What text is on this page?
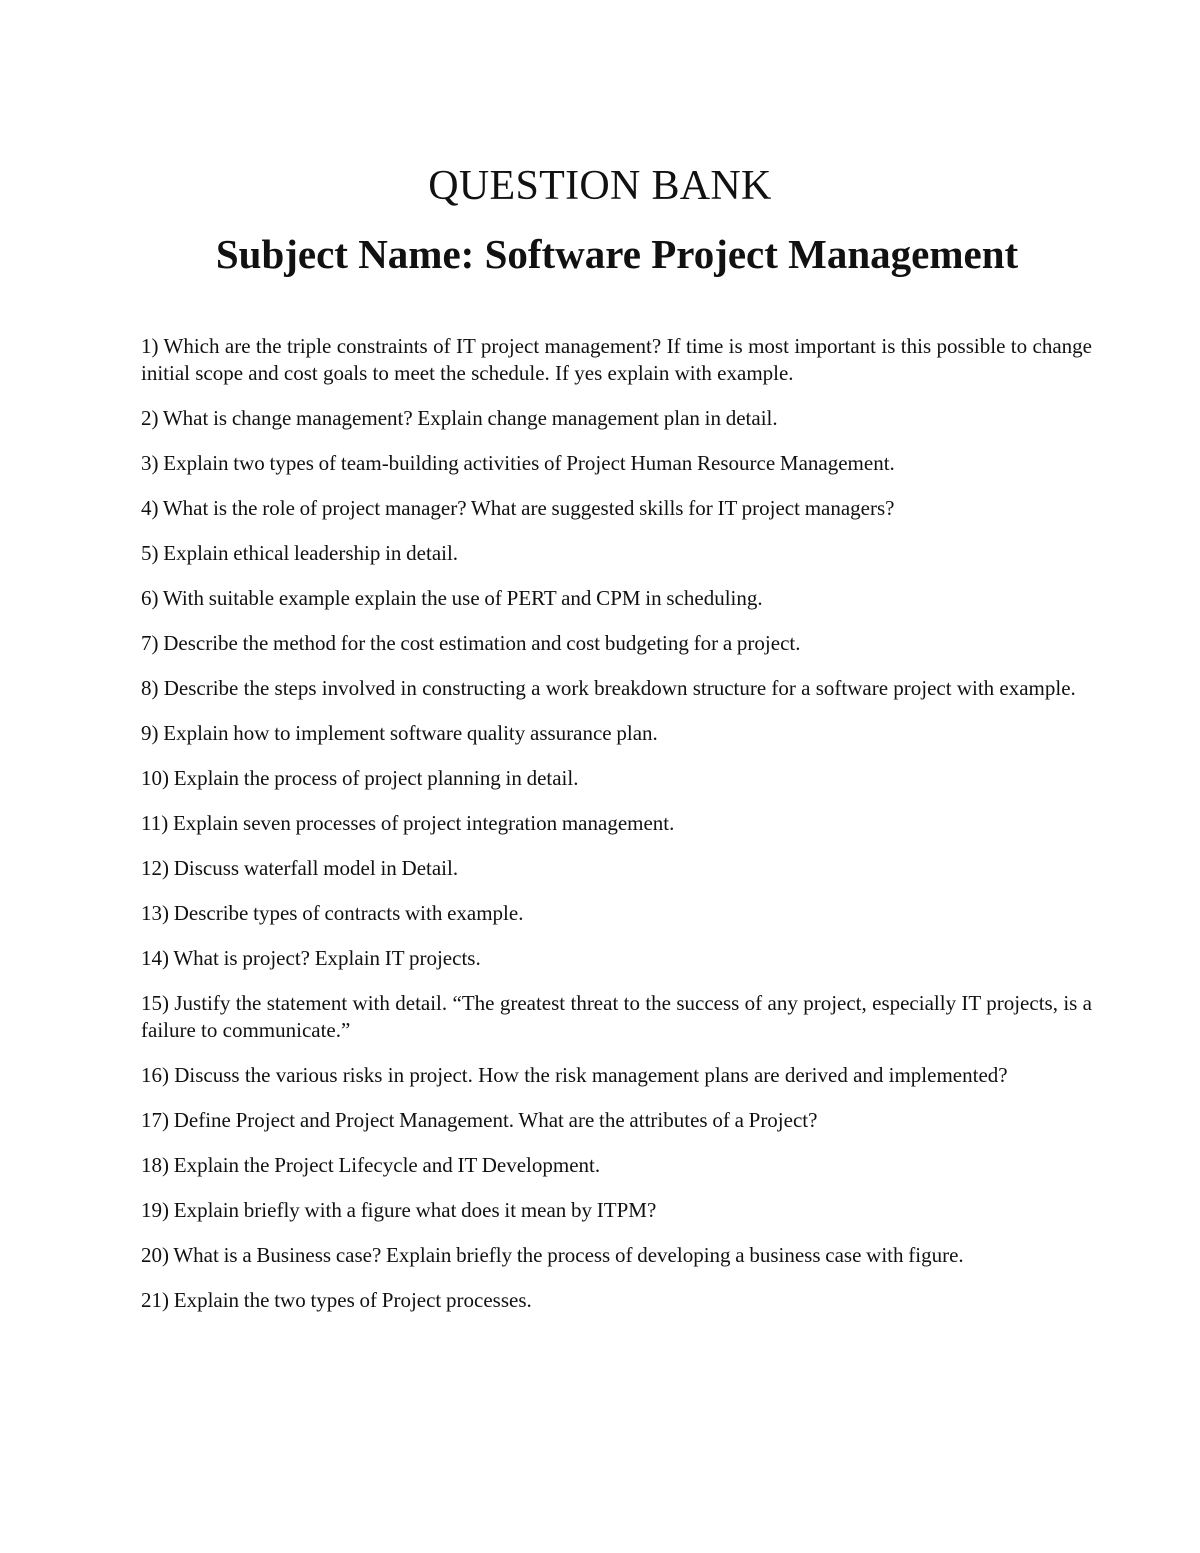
QUESTION BANK
Subject Name: Software Project Management
1) Which are the triple constraints of IT project management? If time is most important is this possible to change initial scope and cost goals to meet the schedule. If yes explain with example.
2) What is change management? Explain change management plan in detail.
3) Explain two types of team-building activities of Project Human Resource Management.
4) What is the role of project manager? What are suggested skills for IT project managers?
5) Explain ethical leadership in detail.
6) With suitable example explain the use of PERT and CPM in scheduling.
7) Describe the method for the cost estimation and cost budgeting for a project.
8) Describe the steps involved in constructing a work breakdown structure for a software project with example.
9) Explain how to implement software quality assurance plan.
10) Explain the process of project planning in detail.
11) Explain seven processes of project integration management.
12) Discuss waterfall model in Detail.
13) Describe types of contracts with example.
14) What is project? Explain IT projects.
15) Justify the statement with detail. “The greatest threat to the success of any project, especially IT projects, is a failure to communicate.”
16) Discuss the various risks in project. How the risk management plans are derived and implemented?
17) Define Project and Project Management. What are the attributes of a Project?
18) Explain the Project Lifecycle and IT Development.
19) Explain briefly with a figure what does it mean by ITPM?
20) What is a Business case? Explain briefly the process of developing a business case with figure.
21) Explain the two types of Project processes.
